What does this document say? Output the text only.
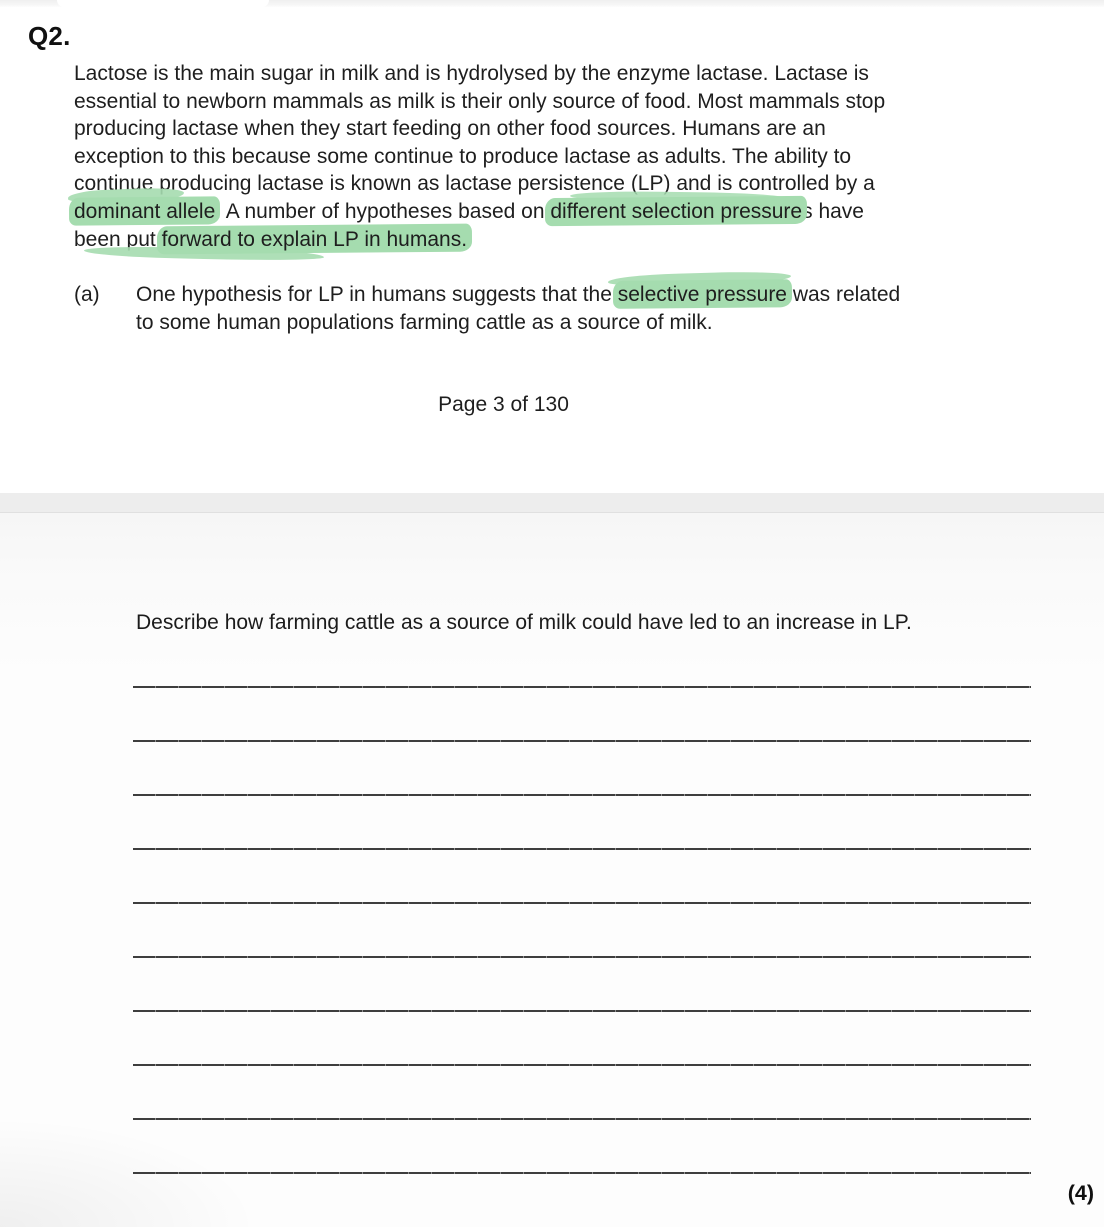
Q2.
Lactose is the main sugar in milk and is hydrolysed by the enzyme lactase. Lactase is
essential to newborn mammals as milk is their only source of food. Most mammals stop
producing lactase when they start feeding on other food sources. Humans are an
exception to this because some continue to produce lactase as adults. The ability to
continue producing lactase is known as lactase persistence (LP) and is controlled by a
dominant allele. A number of hypotheses based on different selection pressures have
been put forward to explain LP in humans.
(a)	One hypothesis for LP in humans suggests that the selective pressure was related
to some human populations farming cattle as a source of milk.
Page 3 of 130
Describe how farming cattle as a source of milk could have led to an increase in LP.
(4)
